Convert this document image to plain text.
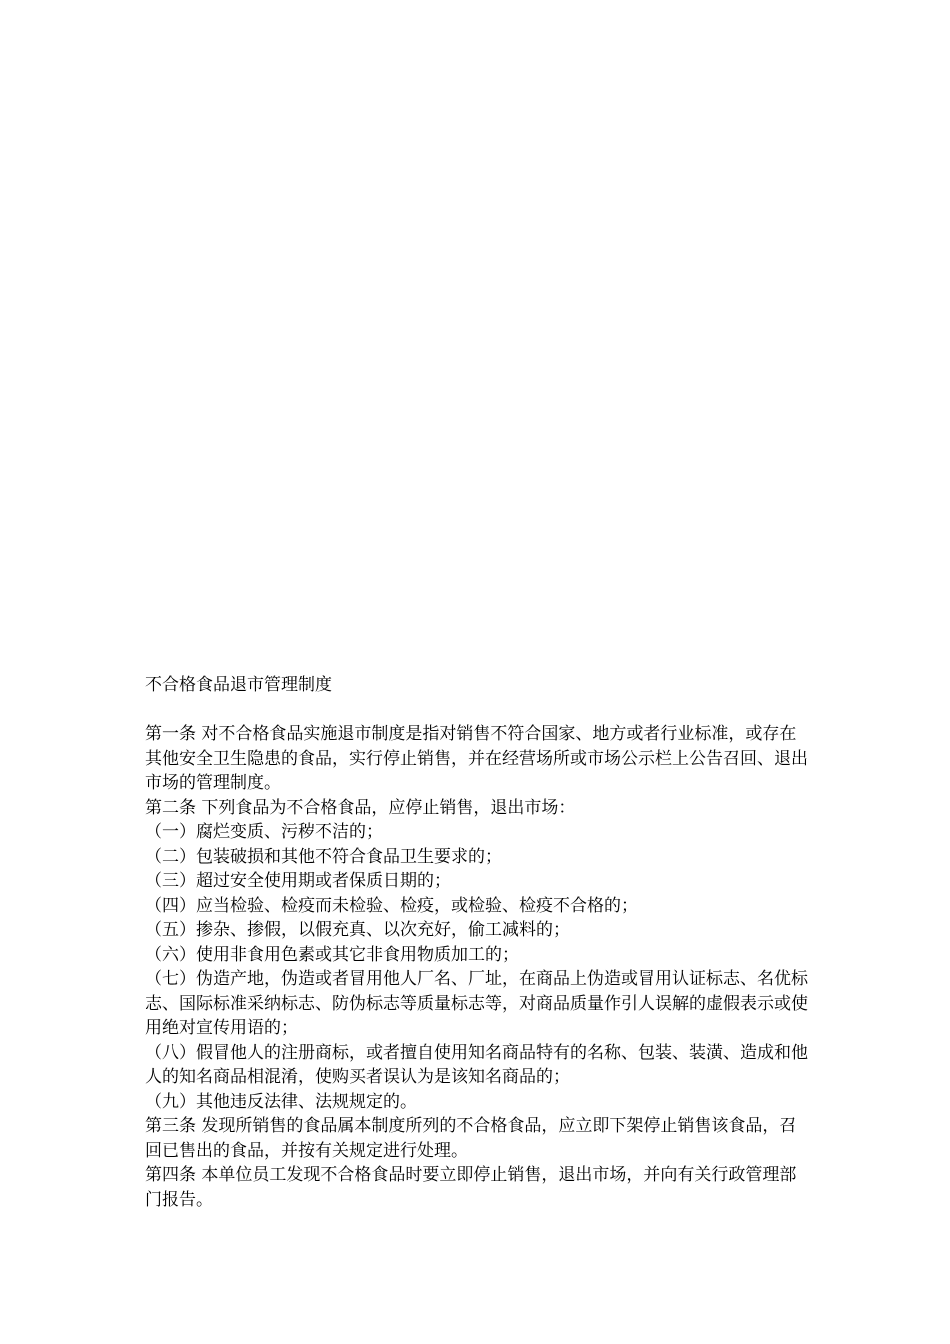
不合格食品退市管理制度

第一条 对不合格食品实施退市制度是指对销售不符合国家、地方或者行业标准，或存在其他安全卫生隐患的食品，实行停止销售，并在经营场所或市场公示栏上公告召回、退出市场的管理制度。

第二条 下列食品为不合格食品，应停止销售，退出市场：

（一）腐烂变质、污秽不洁的；

（二）包装破损和其他不符合食品卫生要求的；

（三）超过安全使用期或者保质日期的；

（四）应当检验、检疫而未检验、检疫，或检验、检疫不合格的；

（五）掺杂、掺假，以假充真、以次充好，偷工减料的；

（六）使用非食用色素或其它非食用物质加工的；

（七）伪造产地，伪造或者冒用他人厂名、厂址，在商品上伪造或冒用认证标志、名优标志、国际标准采纳标志、防伪标志等质量标志等，对商品质量作引人误解的虚假表示或使用绝对宣传用语的；

（八）假冒他人的注册商标，或者擅自使用知名商品特有的名称、包装、装潢、造成和他人的知名商品相混淆，使购买者误认为是该知名商品的；

（九）其他违反法律、法规规定的。

第三条 发现所销售的食品属本制度所列的不合格食品，应立即下架停止销售该食品，召回已售出的食品，并按有关规定进行处理。

第四条 本单位员工发现不合格食品时要立即停止销售，退出市场，并向有关行政管理部门报告。
